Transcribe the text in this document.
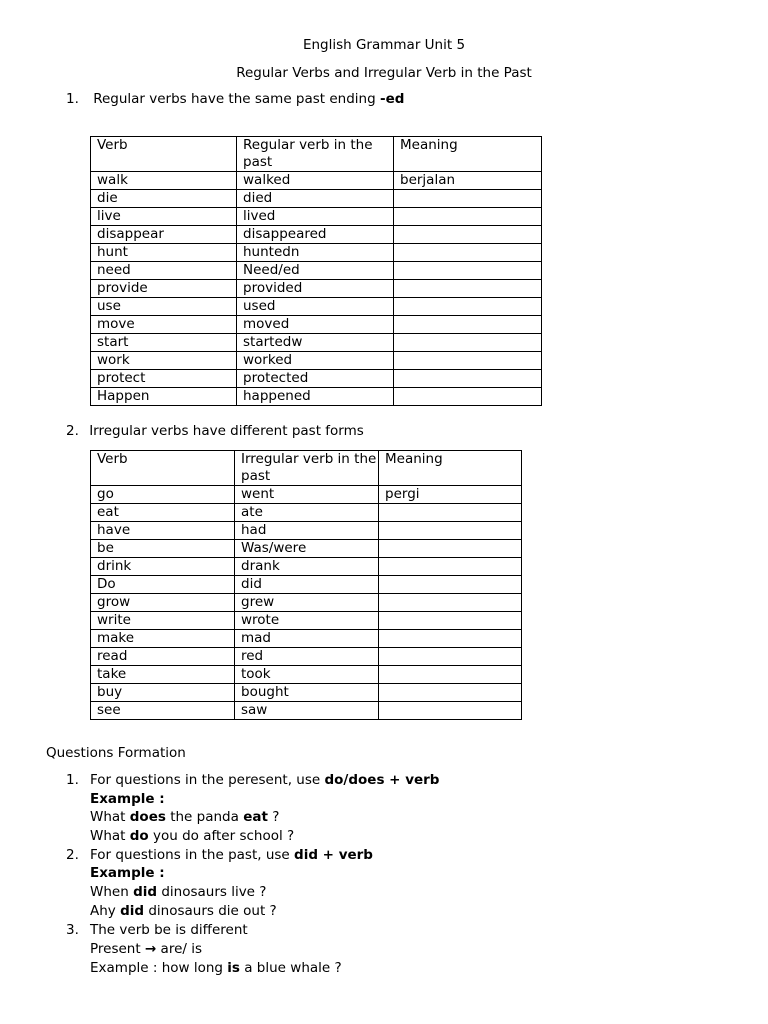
English Grammar Unit 5
Regular Verbs and Irregular Verb in the Past
1. Regular verbs have the same past ending -ed
Verb	Regular verb in the past	Meaning
walk	walked	berjalan
die	died	
live	lived	
disappear	disappeared	
hunt	huntedn	
need	Need/ed	
provide	provided	
use	used	
move	moved	
start	startedw	
work	worked	
protect	protected	
Happen	happened	
2. Irregular verbs have different past forms
Verb	Irregular verb in the past	Meaning
go	went	pergi
eat	ate	
have	had	
be	Was/were	
drink	drank	
Do	did	
grow	grew	
write	wrote	
make	mad	
read	red	
take	took	
buy	bought	
see	saw	
Questions Formation
1. For questions in the peresent, use do/does + verb
Example :
What does the panda eat ?
What do you do after school ?
2. For questions in the past, use did + verb
Example :
When did dinosaurs live ?
Ahy did dinosaurs die out ?
3. The verb be is different
Present → are/ is
Example : how long is a blue whale ?
